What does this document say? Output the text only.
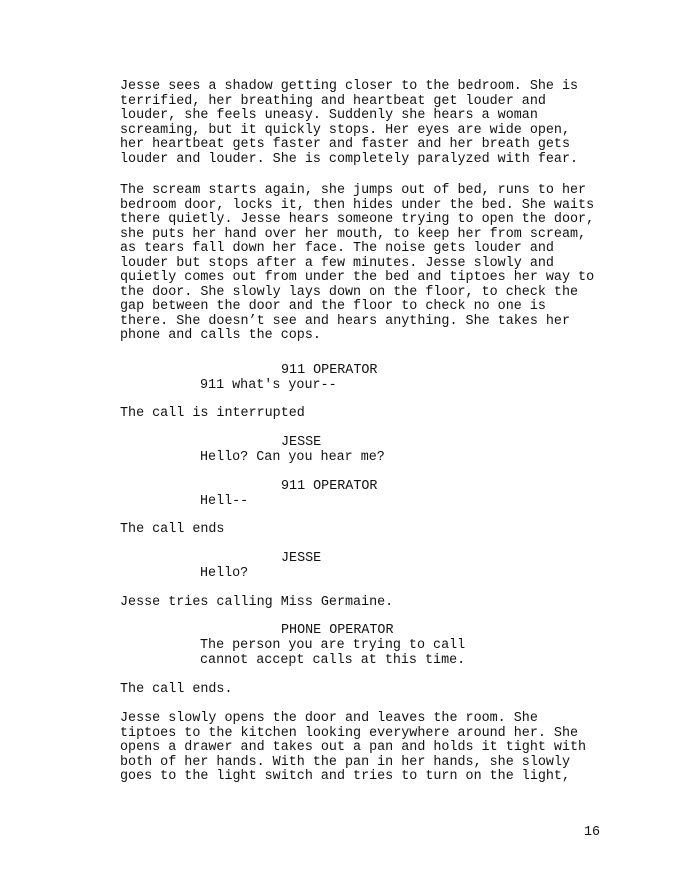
Jesse sees a shadow getting closer to the bedroom. She is
terrified, her breathing and heartbeat get louder and
louder, she feels uneasy. Suddenly she hears a woman
screaming, but it quickly stops. Her eyes are wide open,
her heartbeat gets faster and faster and her breath gets
louder and louder. She is completely paralyzed with fear.

The scream starts again, she jumps out of bed, runs to her
bedroom door, locks it, then hides under the bed. She waits
there quietly. Jesse hears someone trying to open the door,
she puts her hand over her mouth, to keep her from scream,
as tears fall down her face. The noise gets louder and
louder but stops after a few minutes. Jesse slowly and
quietly comes out from under the bed and tiptoes her way to
the door. She slowly lays down on the floor, to check the
gap between the door and the floor to check no one is
there. She doesn’t see and hears anything. She takes her
phone and calls the cops.

911 OPERATOR

911 what's your--

The call is interrupted

JESSE

Hello? Can you hear me?

911 OPERATOR

Hell--

The call ends

JESSE

Hello?

Jesse tries calling Miss Germaine.

PHONE OPERATOR

The person you are trying to call
cannot accept calls at this time.

The call ends.

Jesse slowly opens the door and leaves the room. She
tiptoes to the kitchen looking everywhere around her. She
opens a drawer and takes out a pan and holds it tight with
both of her hands. With the pan in her hands, she slowly
goes to the light switch and tries to turn on the light,

16
